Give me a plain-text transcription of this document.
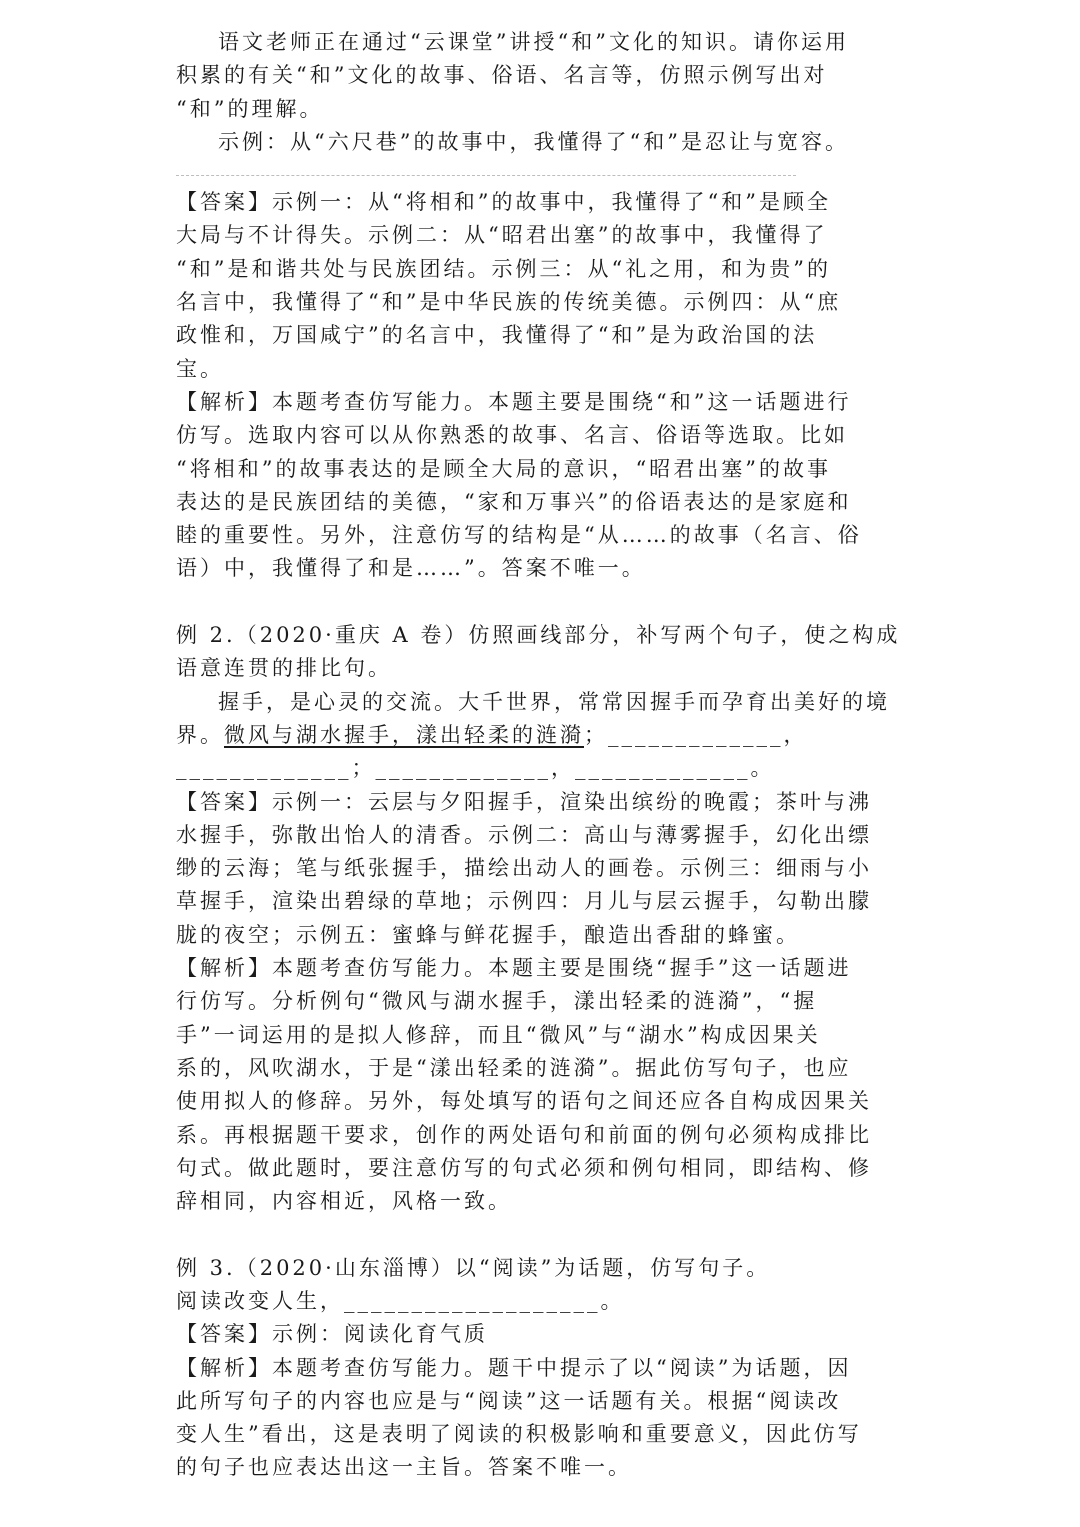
语文老师正在通过“云课堂”讲授“和”文化的知识。请你运用
积累的有关“和”文化的故事、俗语、名言等，仿照示例写出对
“和”的理解。
示例：从“六尺巷”的故事中，我懂得了“和”是忍让与宽容。
【答案】示例一：从“将相和”的故事中，我懂得了“和”是顾全
大局与不计得失。示例二：从“昭君出塞”的故事中，我懂得了
“和”是和谐共处与民族团结。示例三：从“礼之用，和为贵”的
名言中，我懂得了“和”是中华民族的传统美德。示例四：从“庶
政惟和，万国咸宁”的名言中，我懂得了“和”是为政治国的法
宝。
【解析】本题考查仿写能力。本题主要是围绕“和”这一话题进行
仿写。选取内容可以从你熟悉的故事、名言、俗语等选取。比如
“将相和”的故事表达的是顾全大局的意识，“昭君出塞”的故事
表达的是民族团结的美德，“家和万事兴”的俗语表达的是家庭和
睦的重要性。另外，注意仿写的结构是“从……的故事（名言、俗
语）中，我懂得了和是……”。答案不唯一。
例 2.（2020·重庆 A 卷）仿照画线部分，补写两个句子，使之构成
语意连贯的排比句。
握手，是心灵的交流。大千世界，常常因握手而孕育出美好的境
界。微风与湖水握手，漾出轻柔的涟漪；_____________，
_____________；_____________，_____________。
【答案】示例一：云层与夕阳握手，渲染出缤纷的晚霞；茶叶与沸
水握手，弥散出怡人的清香。示例二：高山与薄雾握手，幻化出缥
缈的云海；笔与纸张握手，描绘出动人的画卷。示例三：细雨与小
草握手，渲染出碧绿的草地；示例四：月儿与层云握手，勾勒出朦
胧的夜空；示例五：蜜蜂与鲜花握手，酿造出香甜的蜂蜜。
【解析】本题考查仿写能力。本题主要是围绕“握手”这一话题进
行仿写。分析例句“微风与湖水握手，漾出轻柔的涟漪”，“握
手”一词运用的是拟人修辞，而且“微风”与“湖水”构成因果关
系的，风吹湖水，于是“漾出轻柔的涟漪”。据此仿写句子，也应
使用拟人的修辞。另外，每处填写的语句之间还应各自构成因果关
系。再根据题干要求，创作的两处语句和前面的例句必须构成排比
句式。做此题时，要注意仿写的句式必须和例句相同，即结构、修
辞相同，内容相近，风格一致。
例 3.（2020·山东淄博）以“阅读”为话题，仿写句子。
阅读改变人生，___________________。
【答案】示例：阅读化育气质
【解析】本题考查仿写能力。题干中提示了以“阅读”为话题，因
此所写句子的内容也应是与“阅读”这一话题有关。根据“阅读改
变人生”看出，这是表明了阅读的积极影响和重要意义，因此仿写
的句子也应表达出这一主旨。答案不唯一。
